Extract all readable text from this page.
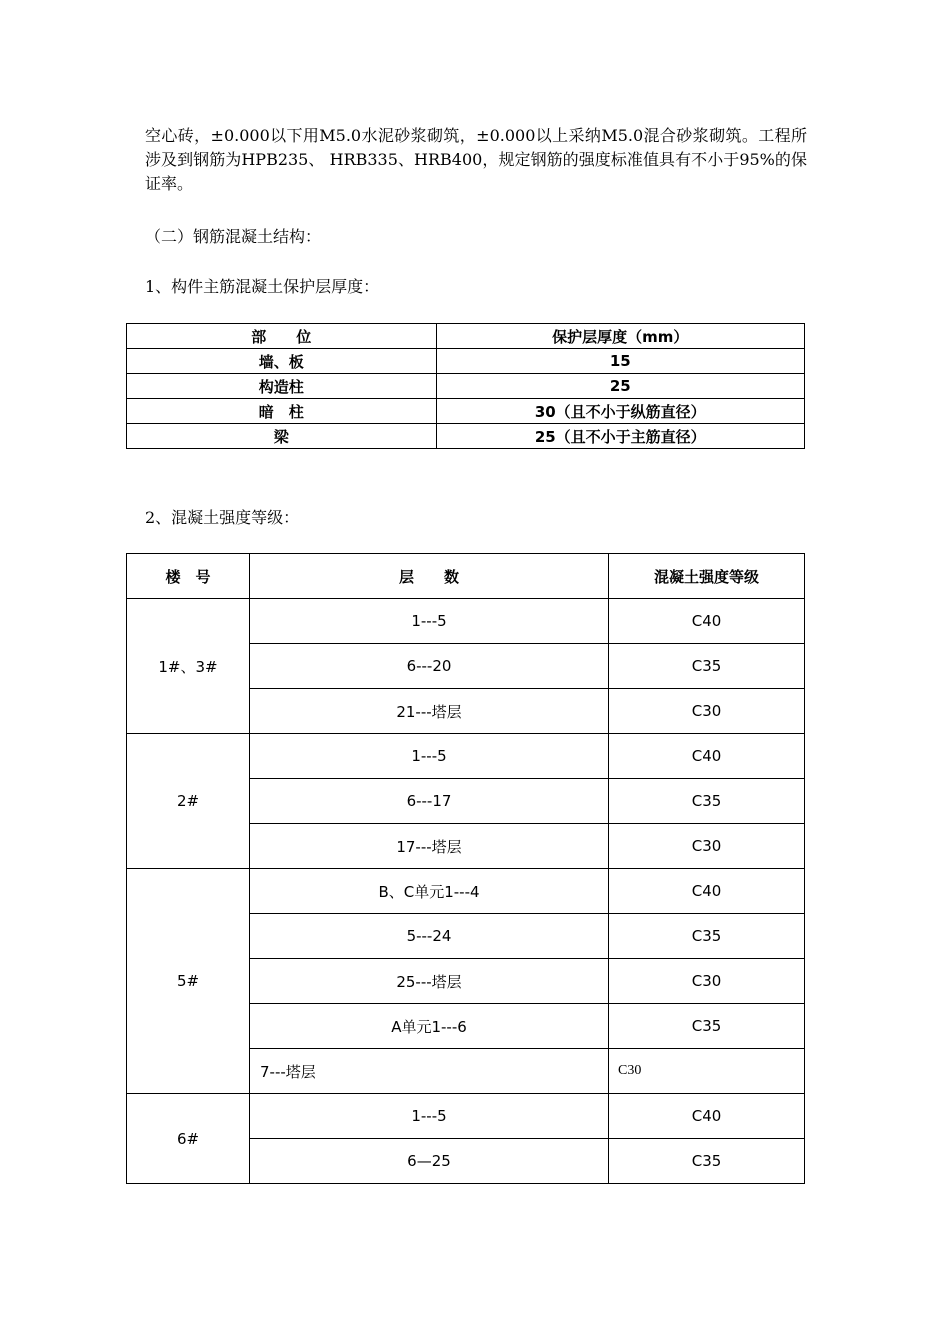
空心砖，±0.000以下用M5.0水泥砂浆砌筑，±0.000以上采纳M5.0混合砂浆砌筑。工程所涉及到钢筋为HPB235、 HRB335、HRB400，规定钢筋的强度标准值具有不小于95%的保证率。
（二）钢筋混凝土结构：
1、构件主筋混凝土保护层厚度：
部　　位	保护层厚度（mm）
墙、板	15
构造柱	25
暗　柱	30（且不小于纵筋直径）
梁	25（且不小于主筋直径）
2、混凝土强度等级：
楼　号	层　　数	混凝土强度等级
1#、3#	1---5	C40
	6---20	C35
	21---塔层	C30
2#	1---5	C40
	6---17	C35
	17---塔层	C30
5#	B、C单元1---4	C40
	5---24	C35
	25---塔层	C30
	A单元1---6	C35
	7---塔层	C30
6#	1---5	C40
	6—25	C35
